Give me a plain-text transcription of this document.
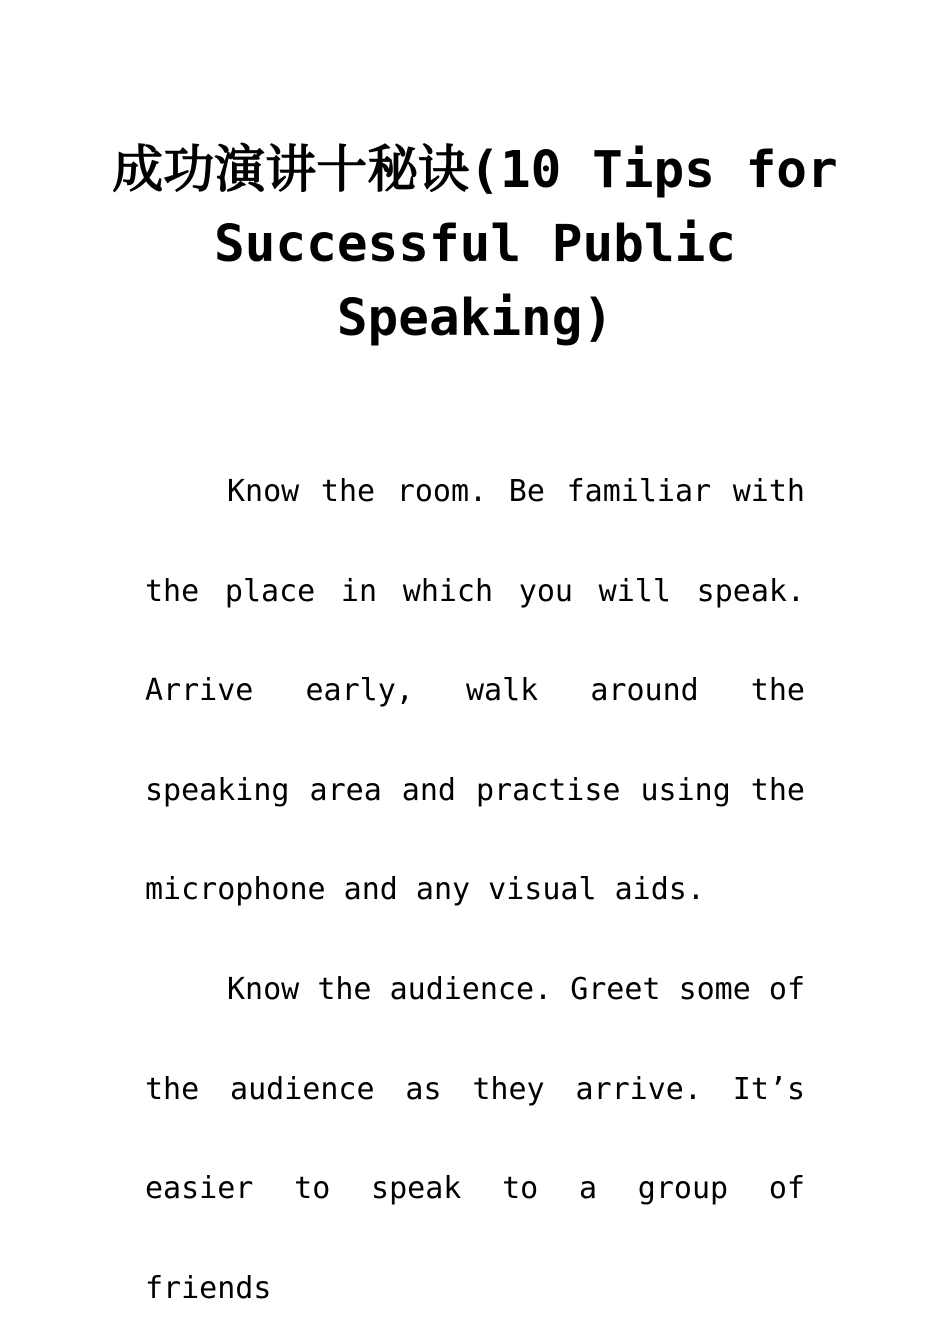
成功演讲十秘诀(10 Tips for Successful Public Speaking)

Know the room. Be familiar with the place in which you will speak. Arrive early, walk around the speaking area and practise using the microphone and any visual aids.

Know the audience. Greet some of the audience as they arrive. It’s easier to speak to a group of friends
